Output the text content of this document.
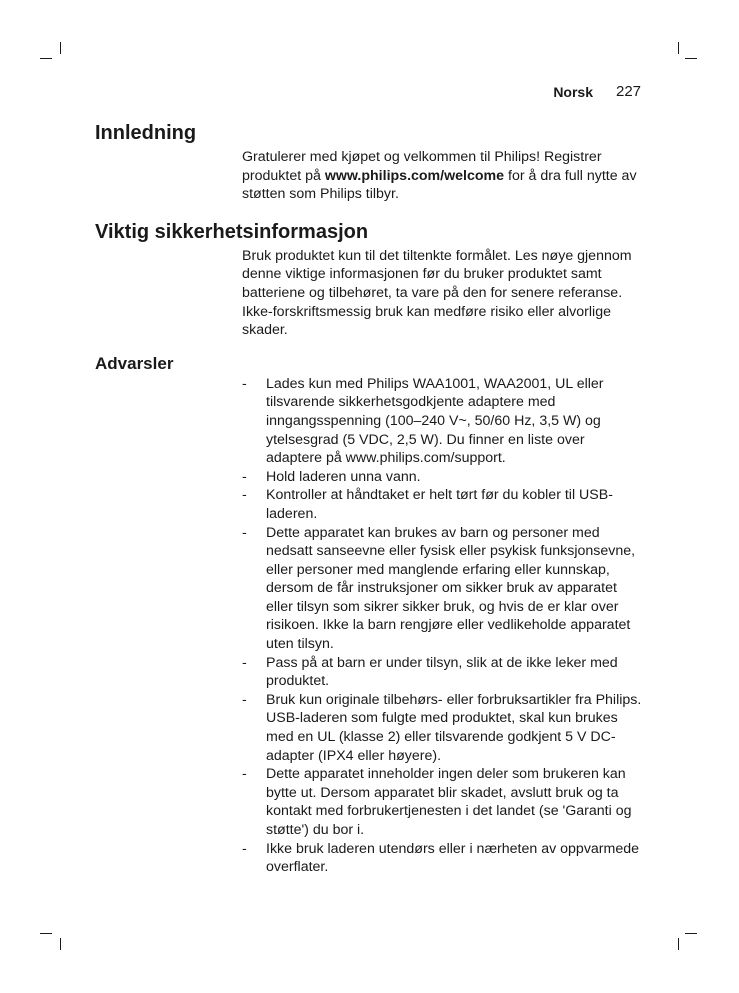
Norsk 227
Innledning

Gratulerer med kjøpet og velkommen til Philips! Registrer produktet på www.philips.com/welcome for å dra full nytte av støtten som Philips tilbyr.

Viktig sikkerhetsinformasjon

Bruk produktet kun til det tiltenkte formålet. Les nøye gjennom denne viktige informasjonen før du bruker produktet samt batteriene og tilbehøret, ta vare på den for senere referanse. Ikke-forskriftsmessig bruk kan medføre risiko eller alvorlige skader.

Advarsler
- Lades kun med Philips WAA1001, WAA2001, UL eller tilsvarende sikkerhetsgodkjente adaptere med inngangsspenning (100–240 V~, 50/60 Hz, 3,5 W) og ytelsesgrad (5 VDC, 2,5 W). Du finner en liste over adaptere på www.philips.com/support.
- Hold laderen unna vann.
- Kontroller at håndtaket er helt tørt før du kobler til USB-laderen.
- Dette apparatet kan brukes av barn og personer med nedsatt sanseevne eller fysisk eller psykisk funksjonsevne, eller personer med manglende erfaring eller kunnskap, dersom de får instruksjoner om sikker bruk av apparatet eller tilsyn som sikrer sikker bruk, og hvis de er klar over risikoen. Ikke la barn rengjøre eller vedlikeholde apparatet uten tilsyn.
- Pass på at barn er under tilsyn, slik at de ikke leker med produktet.
- Bruk kun originale tilbehørs- eller forbruksartikler fra Philips. USB-laderen som fulgte med produktet, skal kun brukes med en UL (klasse 2) eller tilsvarende godkjent 5 V DC-adapter (IPX4 eller høyere).
- Dette apparatet inneholder ingen deler som brukeren kan bytte ut. Dersom apparatet blir skadet, avslutt bruk og ta kontakt med forbrukertjenesten i det landet (se 'Garanti og støtte') du bor i.
- Ikke bruk laderen utendørs eller i nærheten av oppvarmede overflater.
